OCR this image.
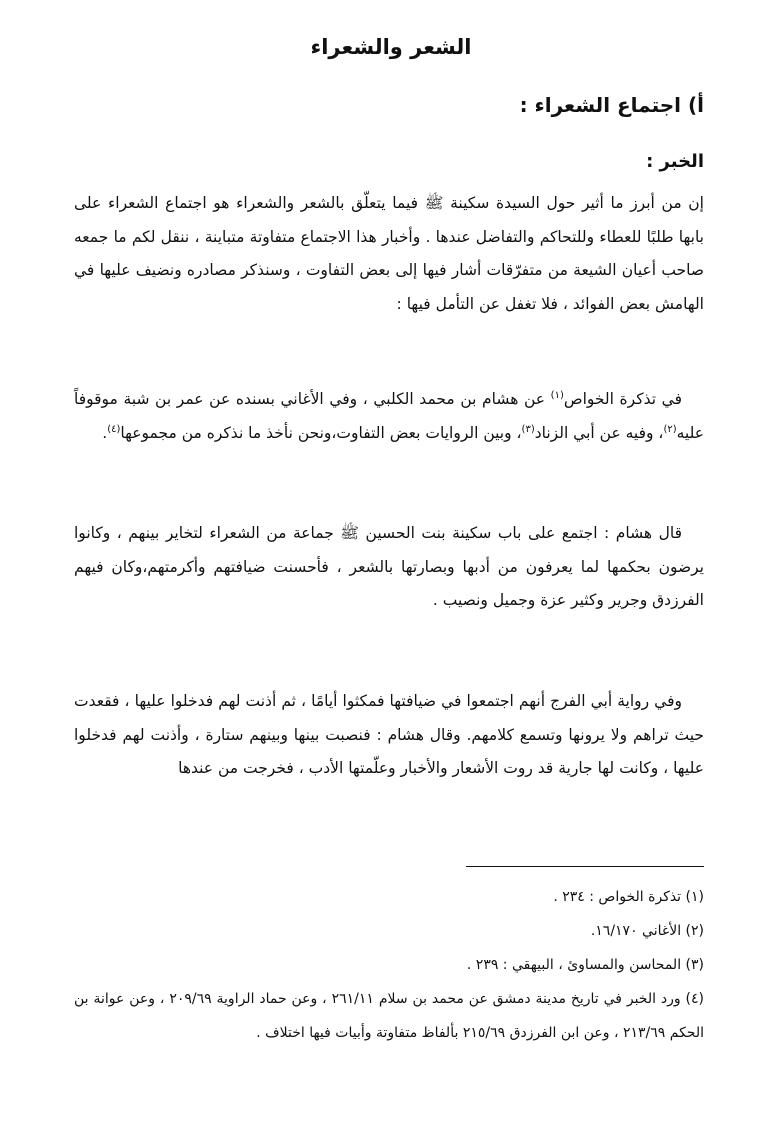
الشعر والشعراء
أ) اجتماع الشعراء :
الخبر :

إن من أبرز ما أثير حول السيدة سكينة ﷺ فيما يتعلّق بالشعر والشعراء هو اجتماع الشعراء على بابها طلبًا للعطاء وللتحاكم والتفاضل عندها . وأخبار هذا الاجتماع متفاوتة متباينة ، ننقل لكم ما جمعه صاحب أعيان الشيعة من متفرّقات أشار فيها إلى بعض التفاوت ، وسنذكر مصادره ونضيف عليها في الهامش بعض الفوائد ، فلا تغفل عن التأمل فيها :

في تذكرة الخواص$^{(١)}$ عن هشام بن محمد الكلبي ، وفي الأغاني بسنده عن عمر بن شبة موقوفاً عليه$^{(٢)}$، وفيه عن أبي الزناد$^{(٣)}$، وبين الروايات بعض التفاوت،ونحن نأخذ ما نذكره من مجموعها$^{(٤)}$.

قال هشام : اجتمع على باب سكينة بنت الحسين ﷺ جماعة من الشعراء لتخاير بينهم ، وكانوا يرضون بحكمها لما يعرفون من أدبها وبصارتها بالشعر ، فأحسنت ضيافتهم وأكرمتهم،وكان فيهم الفرزدق وجرير وكثير عزة وجميل ونصيب .

وفي رواية أبي الفرج أنهم اجتمعوا في ضيافتها فمكثوا أيامًا ، ثم أذنت لهم فدخلوا عليها ، فقعدت حيث تراهم ولا يرونها وتسمع كلامهم. وقال هشام : فنصبت بينها وبينهم ستارة ، وأذنت لهم فدخلوا عليها ، وكانت لها جارية قد روت الأشعار والأخبار وعلّمتها الأدب ، فخرجت من عندها

(١) تذكرة الخواص : ٢٣٤ .
(٢) الأغاني ١٦/١٧٠.
(٣) المحاسن والمساوئ ، البيهقي : ٢٣٩ .
(٤) ورد الخبر في تاريخ مدينة دمشق عن محمد بن سلام ٢٦١/١١ ، وعن حماد الراوية ٢٠٩/٦٩ ، وعن عوانة بن الحكم ٢١٣/٦٩ ، وعن ابن الفرزدق ٢١٥/٦٩ بألفاظ متفاوتة وأبيات فيها اختلاف .
